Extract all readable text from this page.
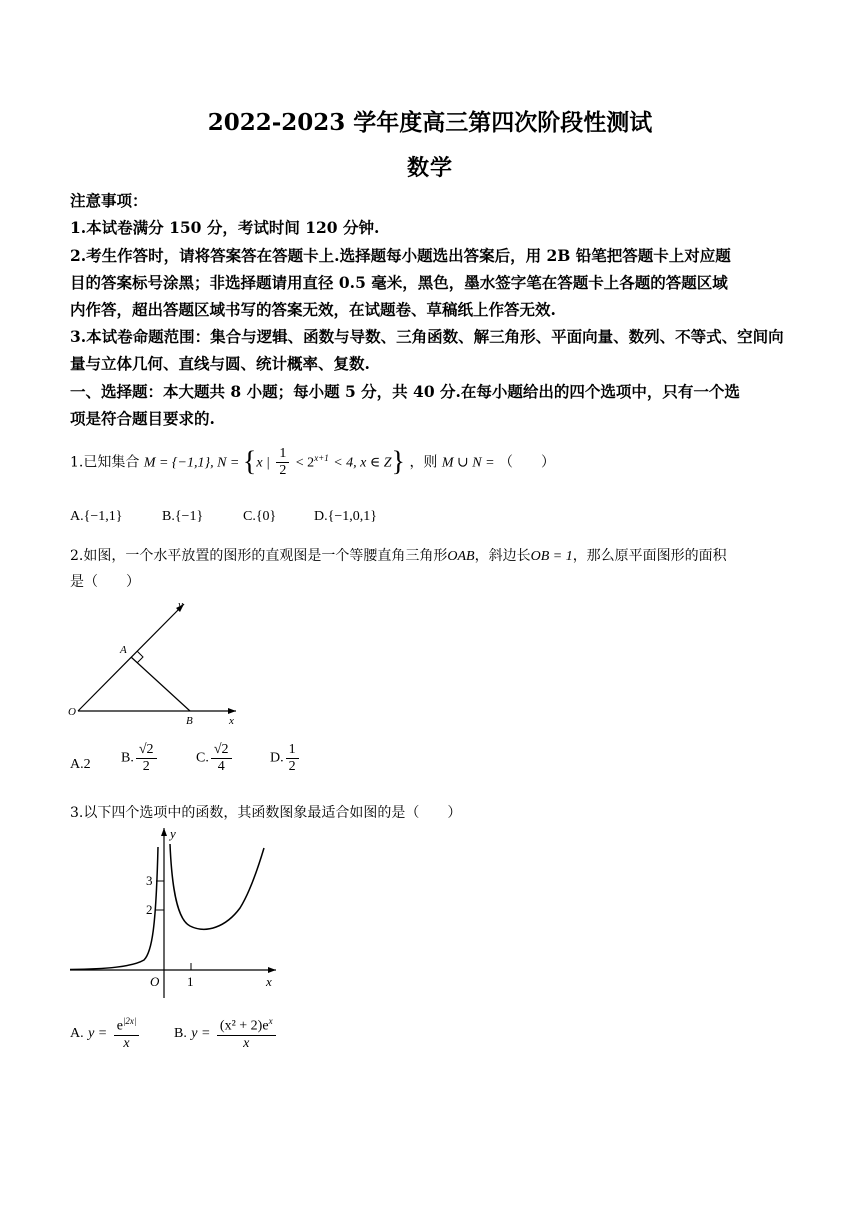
2022-2023 学年度高三第四次阶段性测试
数学
注意事项：
1.本试卷满分 150 分，考试时间 120 分钟.
2.考生作答时，请将答案答在答题卡上.选择题每小题选出答案后，用 2B 铅笔把答题卡上对应题
目的答案标号涂黑；非选择题请用直径 0.5 毫米，黑色，墨水签字笔在答题卡上各题的答题区域
内作答，超出答题区域书写的答案无效，在试题卷、草稿纸上作答无效.
3.本试卷命题范围：集合与逻辑、函数与导数、三角函数、解三角形、平面向量、数列、不等式、空间向
量与立体几何、直线与圆、统计概率、复数.
一、选择题：本大题共 8 小题；每小题 5 分，共 40 分.在每小题给出的四个选项中，只有一个选
项是符合题目要求的.
1.已知集合 M = {−1,1}, N = {x | $\frac{1}{2} < 2^{x+1} < 4$, x ∈ Z} ，则 M ∪ N = （　　）
A.{−1,1}	B.{−1}	C.{0}	D.{−1,0,1}
2.如图，一个水平放置的图形的直观图是一个等腰直角三角形OAB，斜边长OB = 1，那么原平面图形的面积
是（　　）
y
A
O
B	x
A.2 B. $\frac{√2}{2}$	C. $\frac{√2}{4}$	D. $\frac{1}{2}$
3.以下四个选项中的函数，其函数图象最适合如图的是（　　）
y
3
2
O 1	x
A. $y = \frac{e^{|2x|}}{x} B$. $y = \frac{(x^2 + 2)e^x}{x}$
